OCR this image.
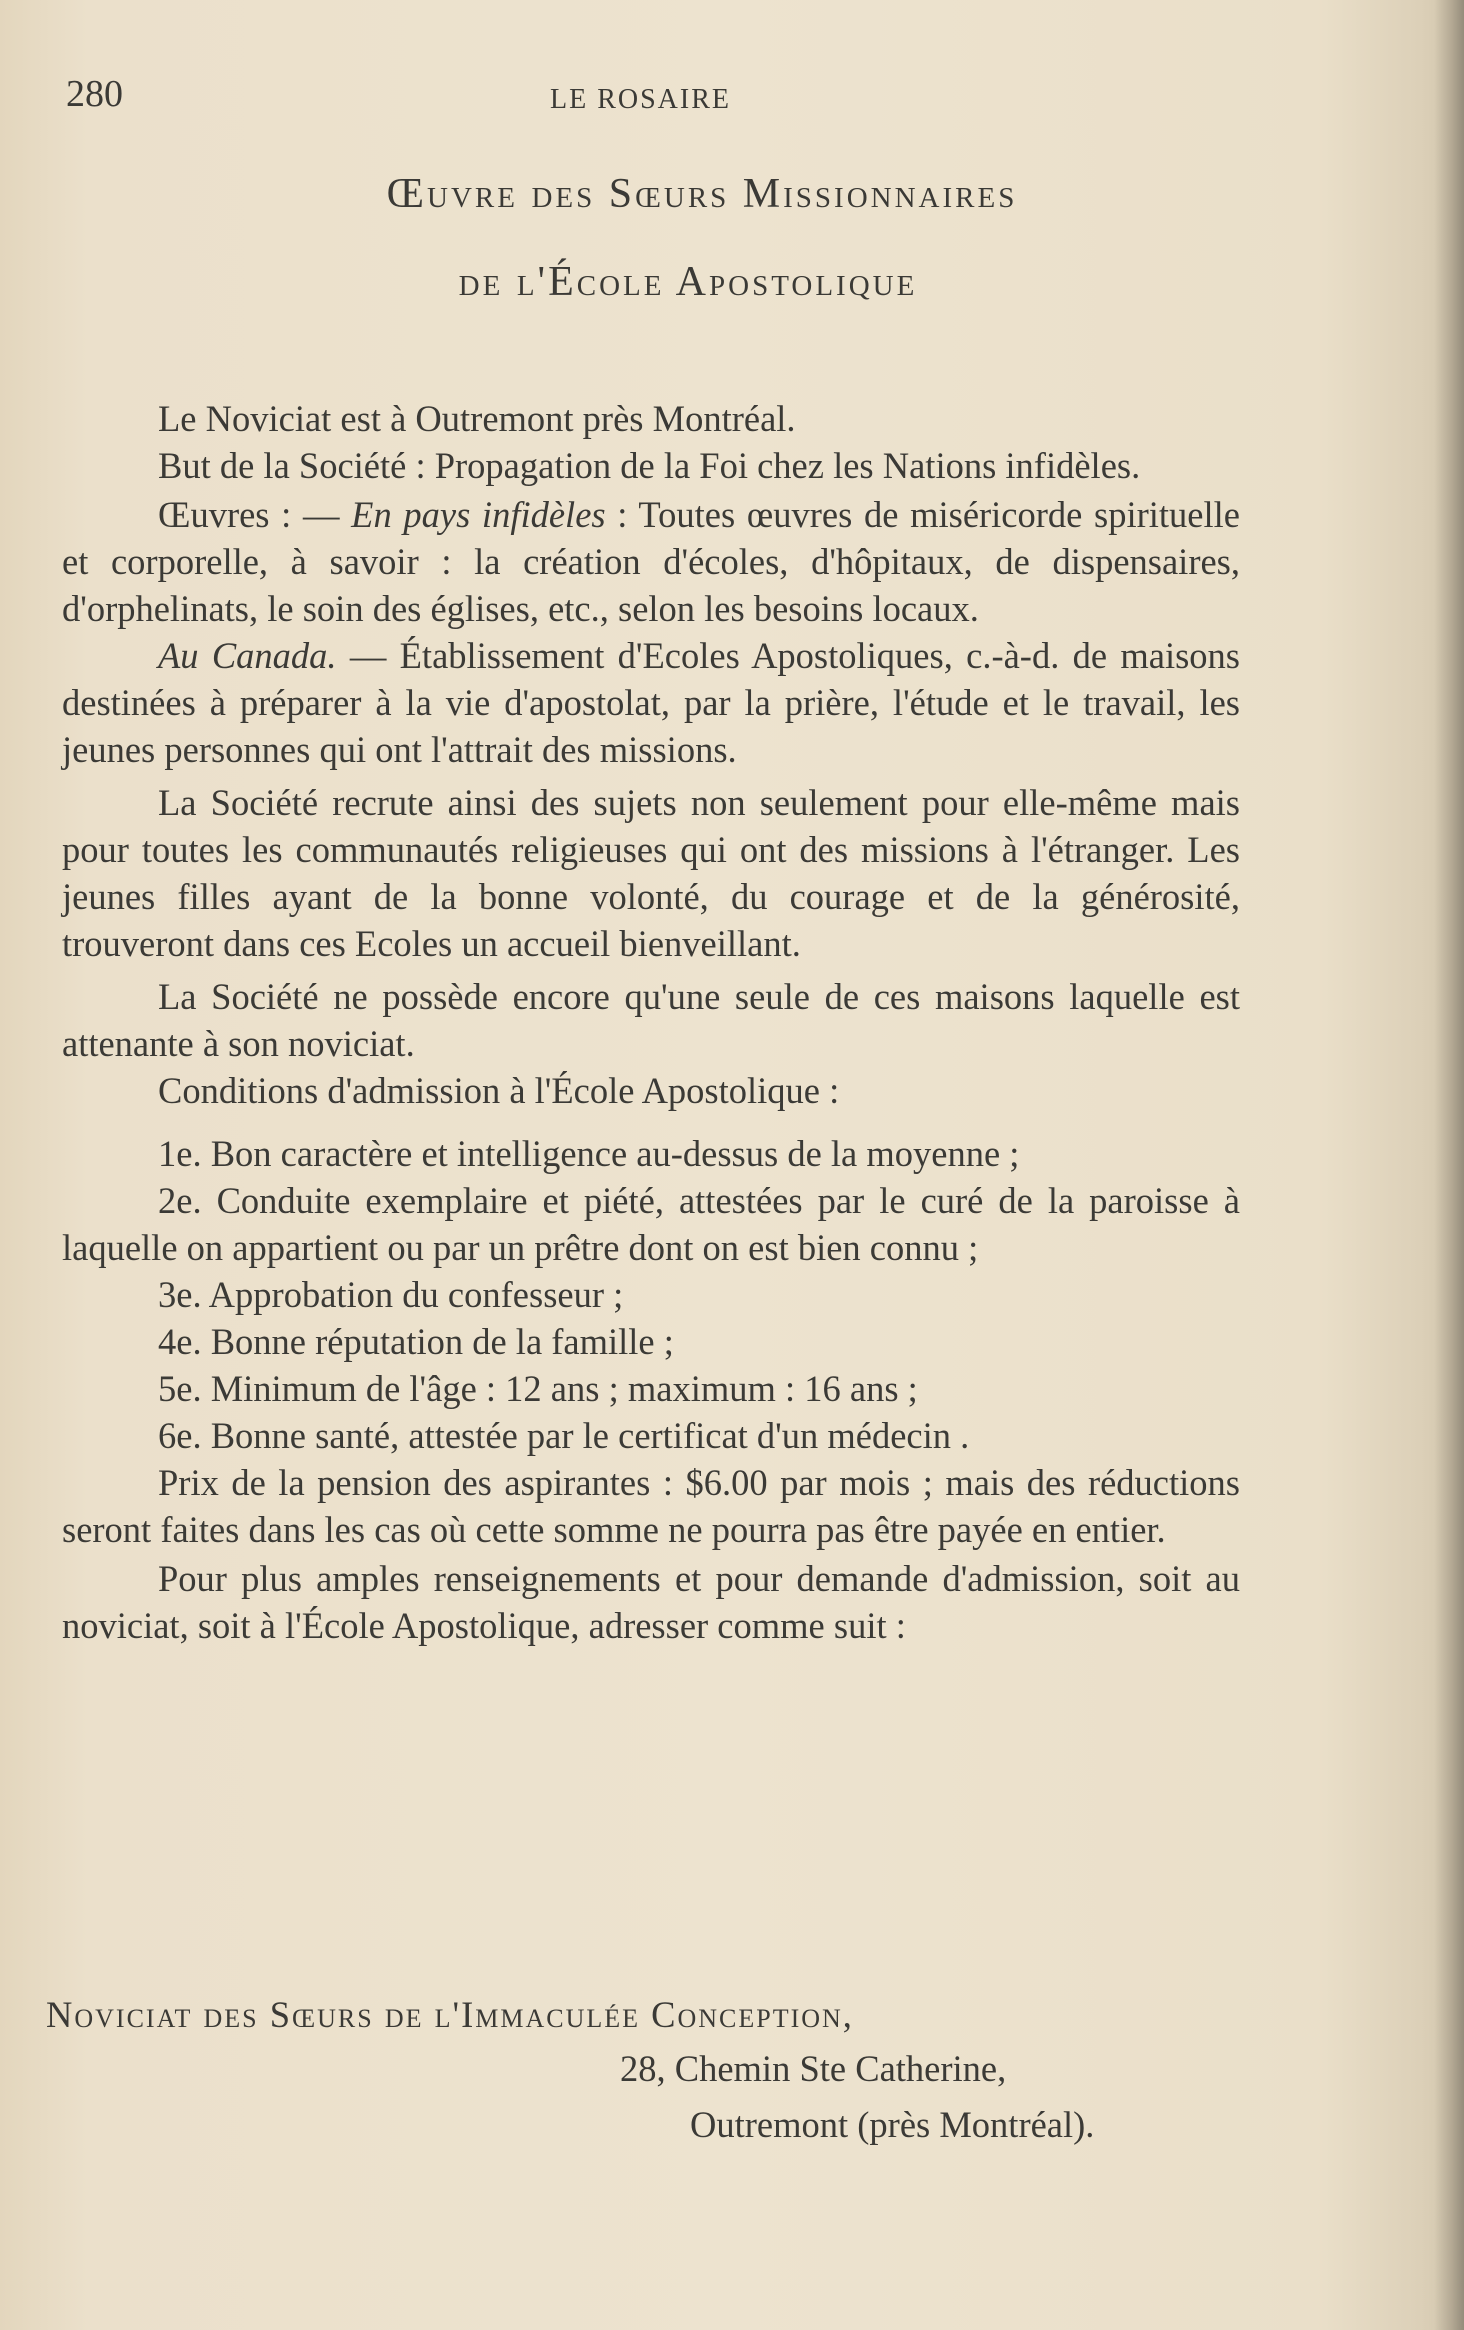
280	LE ROSAIRE
Œuvre des Sœurs Missionnaires
de l'École Apostolique

Le Noviciat est à Outremont près Montréal.

But de la Société : Propagation de la Foi chez les Nations infidèles.

Œuvres : — En pays infidèles : Toutes œuvres de miséricorde spirituelle et corporelle, à savoir : la création d'écoles, d'hôpitaux, de dispensaires, d'orphelinats, le soin des églises, etc., selon les besoins locaux.

Au Canada. — Établissement d'Ecoles Apostoliques, c.-à-d. de maisons destinées à préparer à la vie d'apostolat, par la prière, l'étude et le travail, les jeunes personnes qui ont l'attrait des missions.

La Société recrute ainsi des sujets non seulement pour elle-même mais pour toutes les communautés religieuses qui ont des missions à l'étranger. Les jeunes filles ayant de la bonne volonté, du courage et de la générosité, trouveront dans ces Ecoles un accueil bienveillant.

La Société ne possède encore qu'une seule de ces maisons laquelle est attenante à son noviciat.

Conditions d'admission à l'École Apostolique :

1e. Bon caractère et intelligence au-dessus de la moyenne ;

2e. Conduite exemplaire et piété, attestées par le curé de la paroisse à laquelle on appartient ou par un prêtre dont on est bien connu ;

3e. Approbation du confesseur ;

4e. Bonne réputation de la famille ;

5e. Minimum de l'âge : 12 ans ; maximum : 16 ans ;

6e. Bonne santé, attestée par le certificat d'un médecin .

Prix de la pension des aspirantes : $6.00 par mois ; mais des réductions seront faites dans les cas où cette somme ne pourra pas être payée en entier.

Pour plus amples renseignements et pour demande d'admission, soit au noviciat, soit à l'École Apostolique, adresser comme suit :

Noviciat des Sœurs de l'Immaculée Conception,
28, Chemin Ste Catherine,
Outremont (près Montréal).
